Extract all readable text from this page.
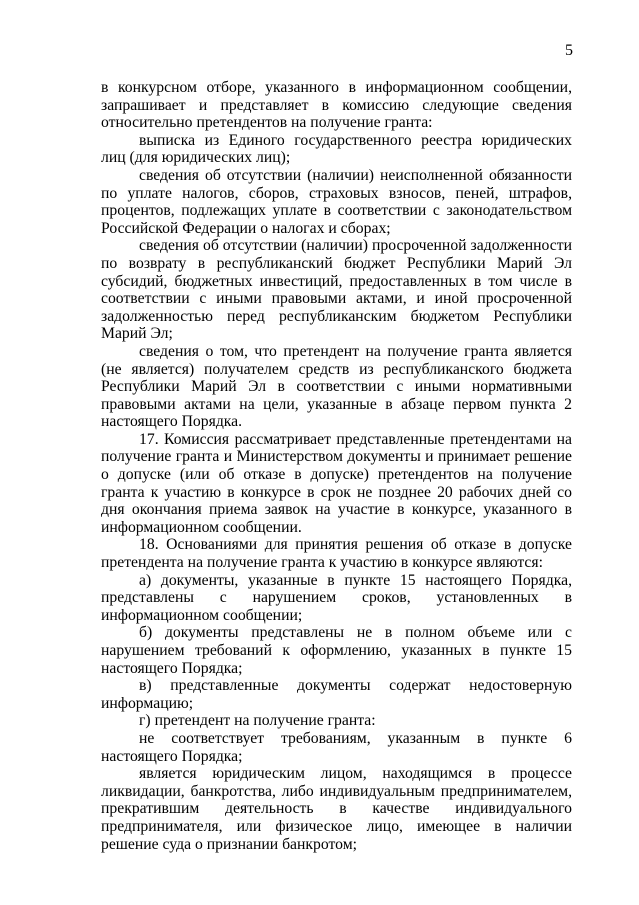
5

в конкурсном отборе, указанного в информационном сообщении, запрашивает и представляет в комиссию следующие сведения относительно претендентов на получение гранта:

выписка из Единого государственного реестра юридических лиц (для юридических лиц);

сведения об отсутствии (наличии) неисполненной обязанности по уплате налогов, сборов, страховых взносов, пеней, штрафов, процентов, подлежащих уплате в соответствии с законодательством Российской Федерации о налогах и сборах;

сведения об отсутствии (наличии) просроченной задолженности по возврату в республиканский бюджет Республики Марий Эл субсидий, бюджетных инвестиций, предоставленных в том числе в соответствии с иными правовыми актами, и иной просроченной задолженностью перед республиканским бюджетом Республики Марий Эл;

сведения о том, что претендент на получение гранта является (не является) получателем средств из республиканского бюджета Республики Марий Эл в соответствии с иными нормативными правовыми актами на цели, указанные в абзаце первом пункта 2 настоящего Порядка.

17. Комиссия рассматривает представленные претендентами на получение гранта и Министерством документы и принимает решение о допуске (или об отказе в допуске) претендентов на получение гранта к участию в конкурсе в срок не позднее 20 рабочих дней со дня окончания приема заявок на участие в конкурсе, указанного в информационном сообщении.

18. Основаниями для принятия решения об отказе в допуске претендента на получение гранта к участию в конкурсе являются:

а) документы, указанные в пункте 15 настоящего Порядка, представлены с нарушением сроков, установленных в информационном сообщении;

б) документы представлены не в полном объеме или с нарушением требований к оформлению, указанных в пункте 15 настоящего Порядка;

в) представленные документы содержат недостоверную информацию;

г) претендент на получение гранта:

не соответствует требованиям, указанным в пункте 6 настоящего Порядка;

является юридическим лицом, находящимся в процессе ликвидации, банкротства, либо индивидуальным предпринимателем, прекратившим деятельность в качестве индивидуального предпринимателя, или физическое лицо, имеющее в наличии решение суда о признании банкротом;
